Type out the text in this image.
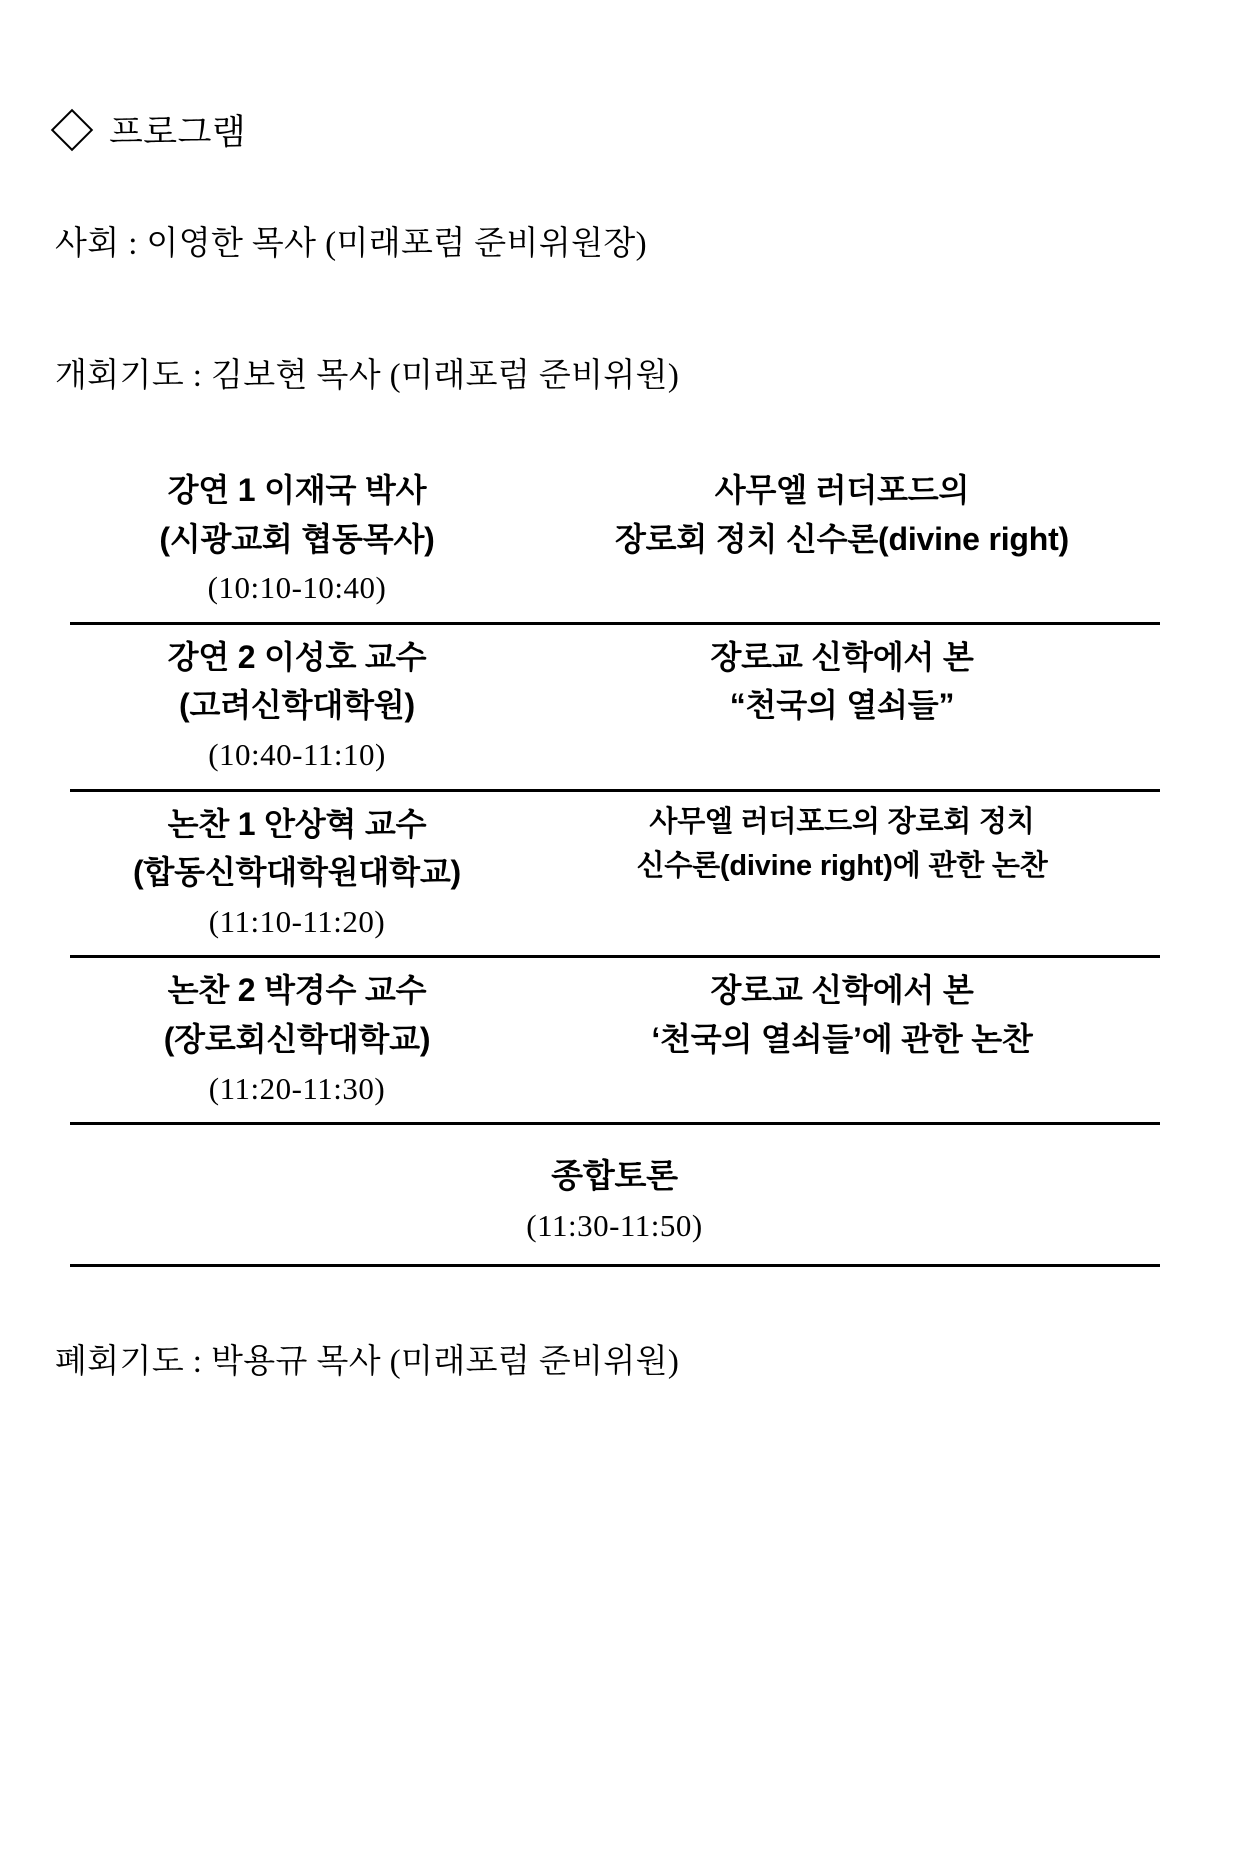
프로그램

사회 : 이영한 목사 (미래포럼 준비위원장)

개회기도 : 김보현 목사 (미래포럼 준비위원)

강연 1 이재국 박사
(시광교회 협동목사)
(10:10-10:40)
사무엘 러더포드의
장로회 정치 신수론(divine right)
강연 2 이성호 교수
(고려신학대학원)
(10:40-11:10)
장로교 신학에서 본
“천국의 열쇠들”
논찬 1 안상혁 교수
(합동신학대학원대학교)
(11:10-11:20)
사무엘 러더포드의 장로회 정치
신수론(divine right)에 관한 논찬
논찬 2 박경수 교수
(장로회신학대학교)
(11:20-11:30)
장로교 신학에서 본
‘천국의 열쇠들’에 관한 논찬
종합토론
(11:30-11:50)

폐회기도 : 박용규 목사 (미래포럼 준비위원)
